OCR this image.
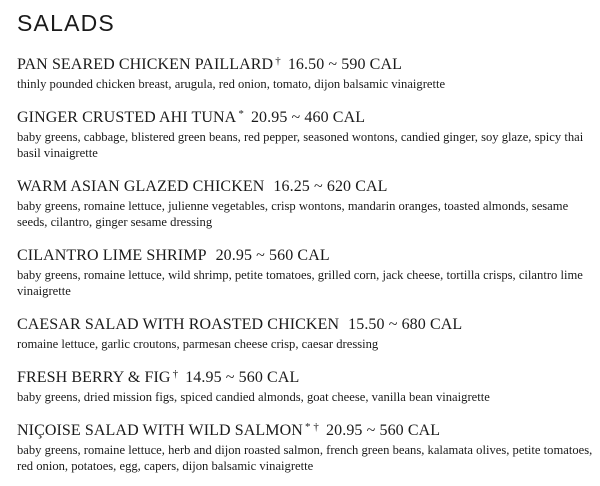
SALADS
PAN SEARED CHICKEN PAILLARD † 16.50 ~ 590 CAL

thinly pounded chicken breast, arugula, red onion, tomato, dijon balsamic vinaigrette

GINGER CRUSTED AHI TUNA * 20.95 ~ 460 CAL

baby greens, cabbage, blistered green beans, red pepper, seasoned wontons, candied ginger, soy glaze, spicy thai basil vinaigrette

WARM ASIAN GLAZED CHICKEN 16.25 ~ 620 CAL

baby greens, romaine lettuce, julienne vegetables, crisp wontons, mandarin oranges, toasted almonds, sesame seeds, cilantro, ginger sesame dressing

CILANTRO LIME SHRIMP 20.95 ~ 560 CAL

baby greens, romaine lettuce, wild shrimp, petite tomatoes, grilled corn, jack cheese, tortilla crisps, cilantro lime vinaigrette

CAESAR SALAD WITH ROASTED CHICKEN 15.50 ~ 680 CAL

romaine lettuce, garlic croutons, parmesan cheese crisp, caesar dressing

FRESH BERRY & FIG † 14.95 ~ 560 CAL

baby greens, dried mission figs, spiced candied almonds, goat cheese, vanilla bean vinaigrette

NIÇOISE SALAD WITH WILD SALMON * † 20.95 ~ 560 CAL

baby greens, romaine lettuce, herb and dijon roasted salmon, french green beans, kalamata olives, petite tomatoes, red onion, potatoes, egg, capers, dijon balsamic vinaigrette
